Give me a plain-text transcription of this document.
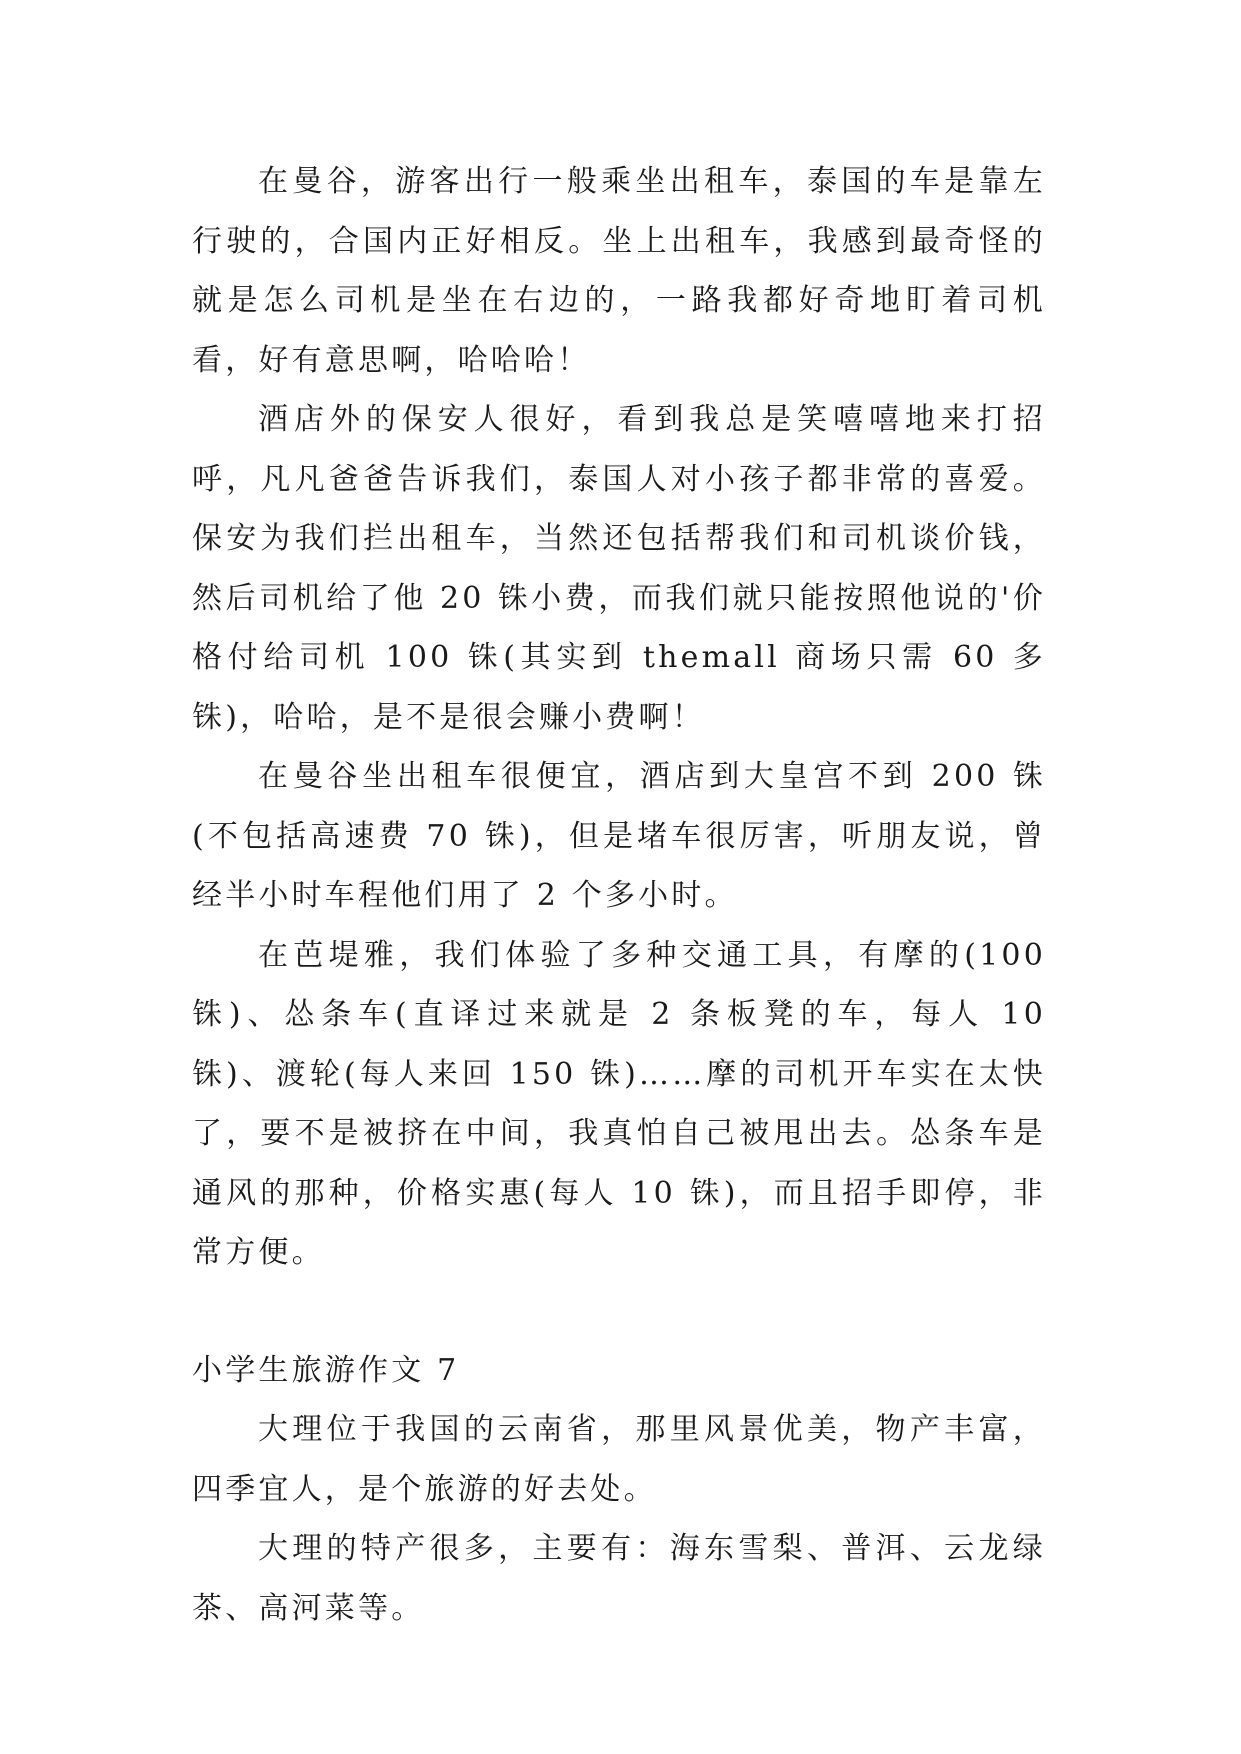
在曼谷，游客出行一般乘坐出租车，泰国的车是靠左行驶的，合国内正好相反。坐上出租车，我感到最奇怪的就是怎么司机是坐在右边的，一路我都好奇地盯着司机看，好有意思啊，哈哈哈！

酒店外的保安人很好，看到我总是笑嘻嘻地来打招呼，凡凡爸爸告诉我们，泰国人对小孩子都非常的喜爱。保安为我们拦出租车，当然还包括帮我们和司机谈价钱，然后司机给了他 20 铢小费，而我们就只能按照他说的'价格付给司机 100 铢(其实到 themall 商场只需 60 多铢)，哈哈，是不是很会赚小费啊！

在曼谷坐出租车很便宜，酒店到大皇宫不到 200 铢(不包括高速费 70 铢)，但是堵车很厉害，听朋友说，曾经半小时车程他们用了 2 个多小时。

在芭堤雅，我们体验了多种交通工具，有摩的(100 铢)、怂条车(直译过来就是 2 条板凳的车，每人 10 铢)、渡轮(每人来回 150 铢)……摩的司机开车实在太快了，要不是被挤在中间，我真怕自己被甩出去。怂条车是通风的那种，价格实惠(每人 10 铢)，而且招手即停，非常方便。

小学生旅游作文 7

大理位于我国的云南省，那里风景优美，物产丰富，四季宜人，是个旅游的好去处。

大理的特产很多，主要有：海东雪梨、普洱、云龙绿茶、高河菜等。
